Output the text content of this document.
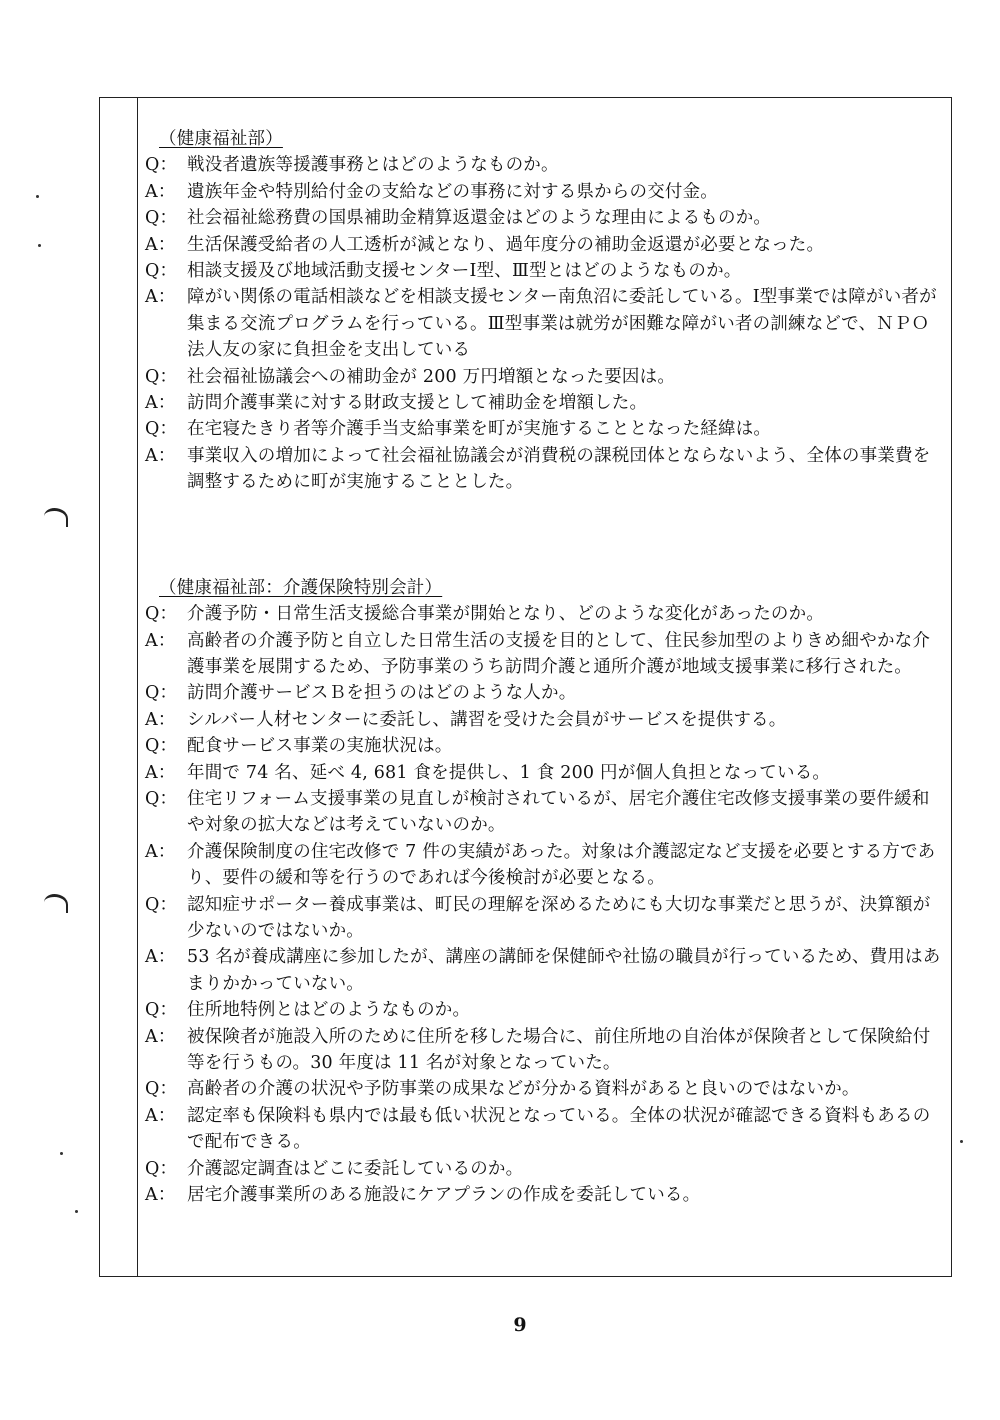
（健康福祉部）
Q： 戦没者遺族等援護事務とはどのようなものか。
A： 遺族年金や特別給付金の支給などの事務に対する県からの交付金。
Q： 社会福祉総務費の国県補助金精算返還金はどのような理由によるものか。
A： 生活保護受給者の人工透析が減となり、過年度分の補助金返還が必要となった。
Q： 相談支援及び地域活動支援センターⅠ型、Ⅲ型とはどのようなものか。
A： 障がい関係の電話相談などを相談支援センター南魚沼に委託している。Ⅰ型事業では障がい者が集まる交流プログラムを行っている。Ⅲ型事業は就労が困難な障がい者の訓練などで、ＮＰＯ法人友の家に負担金を支出している
Q： 社会福祉協議会への補助金が 200 万円増額となった要因は。
A： 訪問介護事業に対する財政支援として補助金を増額した。
Q： 在宅寝たきり者等介護手当支給事業を町が実施することとなった経緯は。
A： 事業収入の増加によって社会福祉協議会が消費税の課税団体とならないよう、全体の事業費を調整するために町が実施することとした。
（健康福祉部：介護保険特別会計）
Q： 介護予防・日常生活支援総合事業が開始となり、どのような変化があったのか。
A： 高齢者の介護予防と自立した日常生活の支援を目的として、住民参加型のよりきめ細やかな介護事業を展開するため、予防事業のうち訪問介護と通所介護が地域支援事業に移行された。
Q： 訪問介護サービスＢを担うのはどのような人か。
A： シルバー人材センターに委託し、講習を受けた会員がサービスを提供する。
Q： 配食サービス事業の実施状況は。
A： 年間で 74 名、延べ 4, 681 食を提供し、1 食 200 円が個人負担となっている。
Q： 住宅リフォーム支援事業の見直しが検討されているが、居宅介護住宅改修支援事業の要件緩和や対象の拡大などは考えていないのか。
A： 介護保険制度の住宅改修で 7 件の実績があった。対象は介護認定など支援を必要とする方であり、要件の緩和等を行うのであれば今後検討が必要となる。
Q： 認知症サポーター養成事業は、町民の理解を深めるためにも大切な事業だと思うが、決算額が少ないのではないか。
A： 53 名が養成講座に参加したが、講座の講師を保健師や社協の職員が行っているため、費用はあまりかかっていない。
Q： 住所地特例とはどのようなものか。
A： 被保険者が施設入所のために住所を移した場合に、前住所地の自治体が保険者として保険給付等を行うもの。30 年度は 11 名が対象となっていた。
Q： 高齢者の介護の状況や予防事業の成果などが分かる資料があると良いのではないか。
A： 認定率も保険料も県内では最も低い状況となっている。全体の状況が確認できる資料もあるので配布できる。
Q： 介護認定調査はどこに委託しているのか。
A： 居宅介護事業所のある施設にケアプランの作成を委託している。
9
